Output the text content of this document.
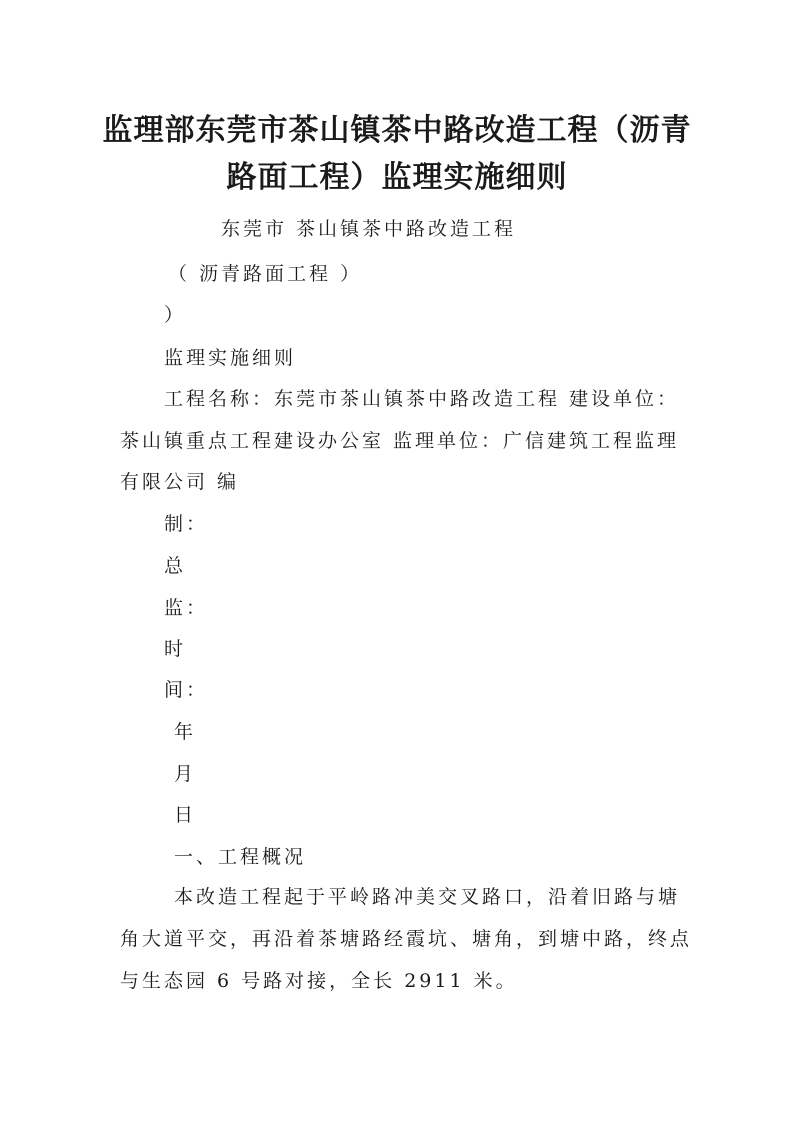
监理部东莞市茶山镇茶中路改造工程（沥青
路面工程）监理实施细则

东莞市 茶山镇茶中路改造工程

（ 沥青路面工程 ）

）

监理实施细则

工程名称：东莞市茶山镇茶中路改造工程 建设单位：

茶山镇重点工程建设办公室 监理单位：广信建筑工程监理

有限公司 编

制：

总

监：

时

间：

年

月

日

一、工程概况

本改造工程起于平岭路冲美交叉路口，沿着旧路与塘

角大道平交，再沿着茶塘路经霞坑、塘角，到塘中路，终点

与生态园 6 号路对接，全长 2911 米。
